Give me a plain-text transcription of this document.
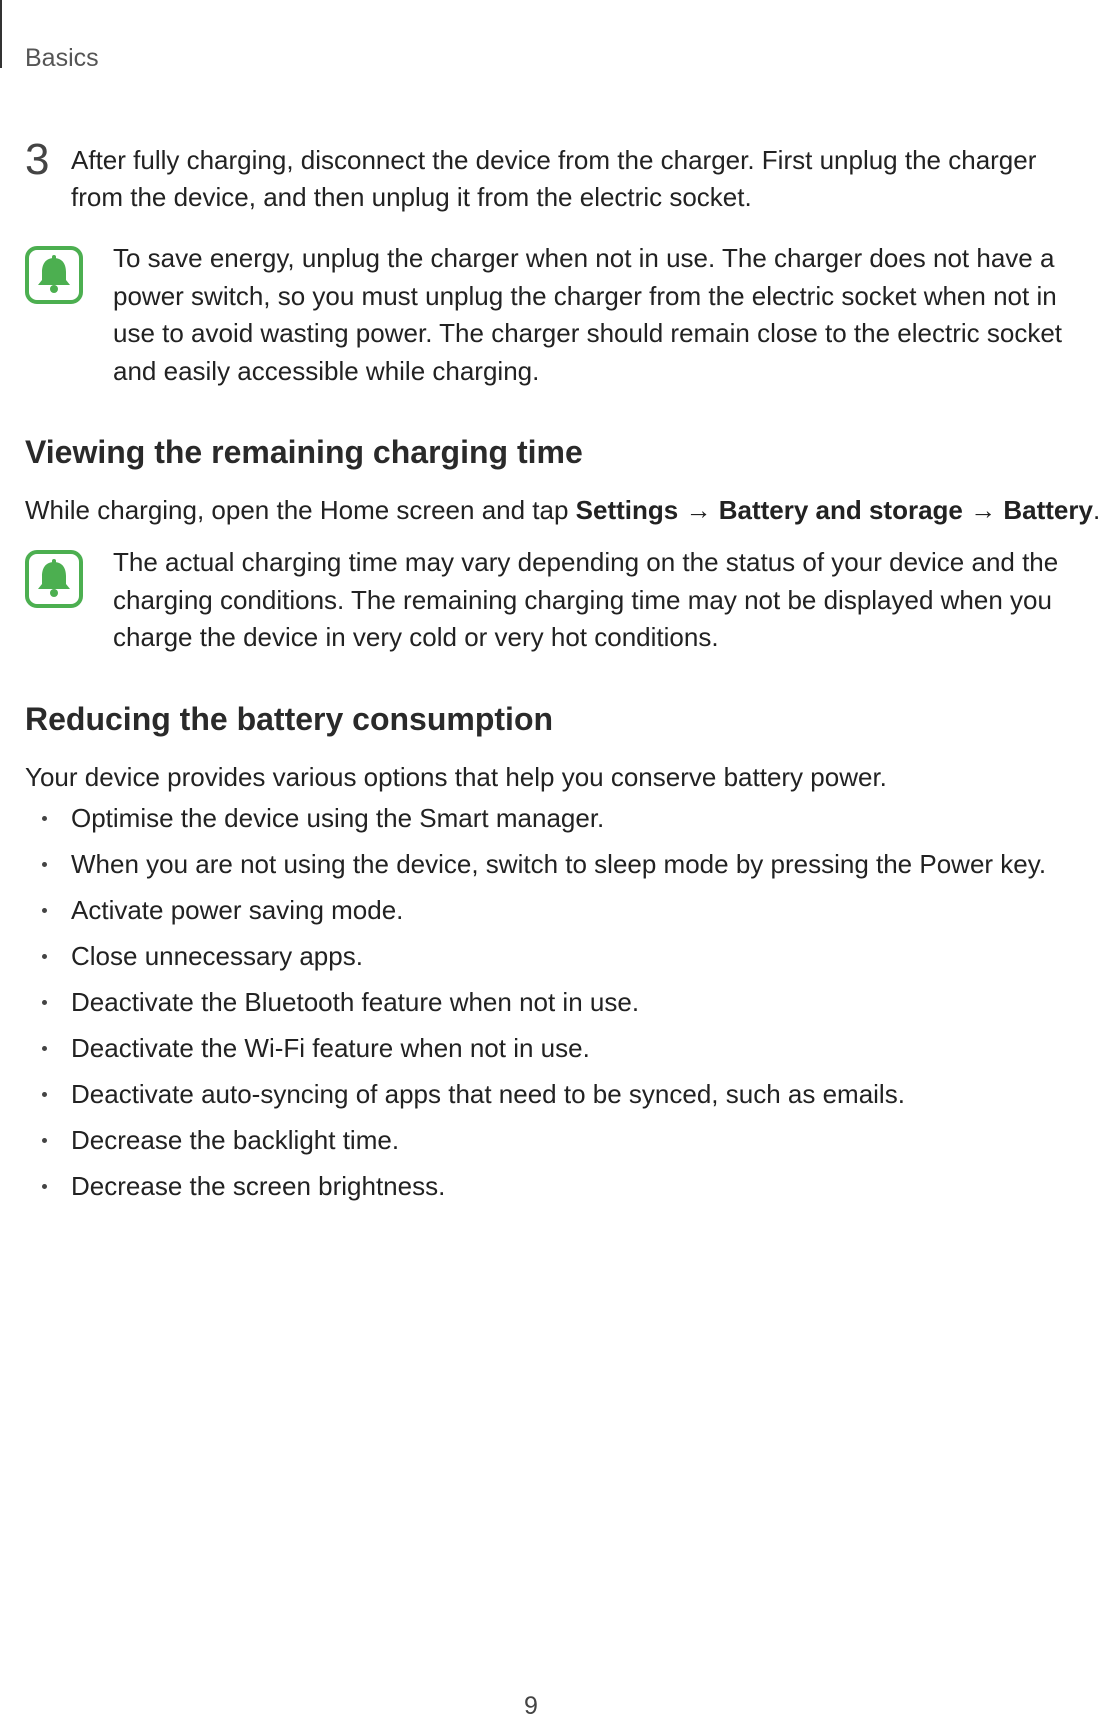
Basics
3 After fully charging, disconnect the device from the charger. First unplug the charger from the device, and then unplug it from the electric socket.
To save energy, unplug the charger when not in use. The charger does not have a power switch, so you must unplug the charger from the electric socket when not in use to avoid wasting power. The charger should remain close to the electric socket and easily accessible while charging.
Viewing the remaining charging time

While charging, open the Home screen and tap Settings → Battery and storage → Battery.

The actual charging time may vary depending on the status of your device and the charging conditions. The remaining charging time may not be displayed when you charge the device in very cold or very hot conditions.
Reducing the battery consumption

Your device provides various options that help you conserve battery power.

Optimise the device using the Smart manager.
When you are not using the device, switch to sleep mode by pressing the Power key.
Activate power saving mode.
Close unnecessary apps.
Deactivate the Bluetooth feature when not in use.
Deactivate the Wi-Fi feature when not in use.
Deactivate auto-syncing of apps that need to be synced, such as emails.
Decrease the backlight time.
Decrease the screen brightness.
9
